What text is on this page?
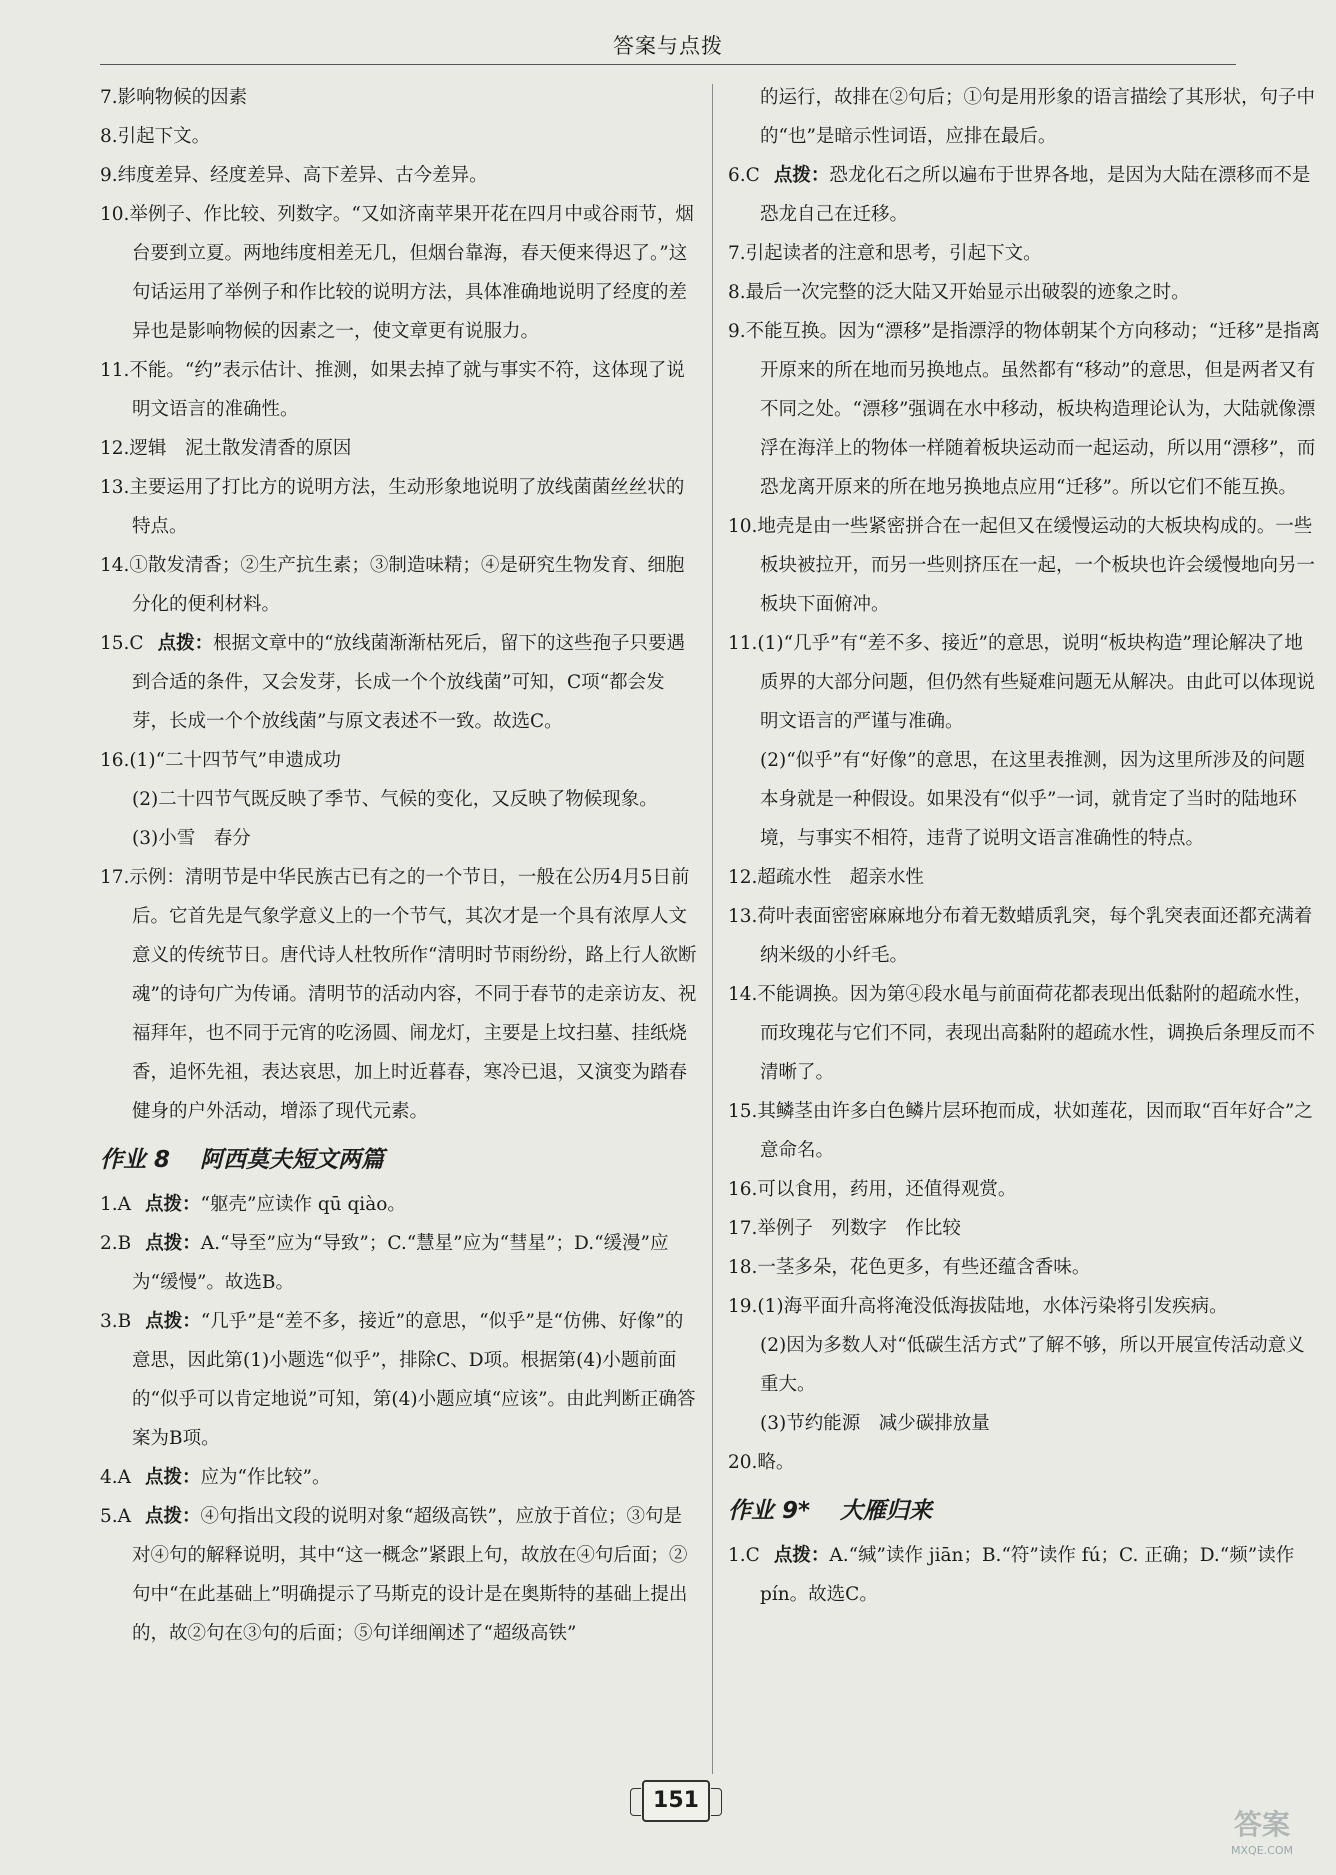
答案与点拨
7.影响物候的因素
8.引起下文。
9.纬度差异、经度差异、高下差异、古今差异。
10.举例子、作比较、列数字。“又如济南苹果开花在四月中或谷雨节，烟台要到立夏。两地纬度相差无几，但烟台靠海，春天便来得迟了。”这句话运用了举例子和作比较的说明方法，具体准确地说明了经度的差异也是影响物候的因素之一，使文章更有说服力。
11.不能。“约”表示估计、推测，如果去掉了就与事实不符，这体现了说明文语言的准确性。
12.逻辑　泥土散发清香的原因
13.主要运用了打比方的说明方法，生动形象地说明了放线菌菌丝丝状的特点。
14.①散发清香；②生产抗生素；③制造味精；④是研究生物发育、细胞分化的便利材料。
15.C 点拨：根据文章中的“放线菌渐渐枯死后，留下的这些孢子只要遇到合适的条件，又会发芽，长成一个个放线菌”可知，C项“都会发芽，长成一个个放线菌”与原文表述不一致。故选C。
16.(1)“二十四节气”申遗成功
(2)二十四节气既反映了季节、气候的变化，又反映了物候现象。
(3)小雪　春分
17.示例：清明节是中华民族古已有之的一个节日，一般在公历4月5日前后。它首先是气象学意义上的一个节气，其次才是一个具有浓厚人文意义的传统节日。唐代诗人杜牧所作“清明时节雨纷纷，路上行人欲断魂”的诗句广为传诵。清明节的活动内容，不同于春节的走亲访友、祝福拜年，也不同于元宵的吃汤圆、闹龙灯，主要是上坟扫墓、挂纸烧香，追怀先祖，表达哀思，加上时近暮春，寒冷已退，又演变为踏春健身的户外活动，增添了现代元素。
作业 8 阿西莫夫短文两篇
1.A 点拨：“躯壳”应读作 qū qiào。
2.B 点拨：A.“导至”应为“导致”；C.“慧星”应为“彗星”；D.“缓漫”应为“缓慢”。故选B。
3.B 点拨：“几乎”是“差不多，接近”的意思，“似乎”是“仿佛、好像”的意思，因此第(1)小题选“似乎”，排除C、D项。根据第(4)小题前面的“似乎可以肯定地说”可知，第(4)小题应填“应该”。由此判断正确答案为B项。
4.A 点拨：应为“作比较”。
5.A 点拨：④句指出文段的说明对象“超级高铁”，应放于首位；③句是对④句的解释说明，其中“这一概念”紧跟上句，故放在④句后面；②句中“在此基础上”明确提示了马斯克的设计是在奥斯特的基础上提出的，故②句在③句的后面；⑤句详细阐述了“超级高铁”
的运行，故排在②句后；①句是用形象的语言描绘了其形状，句子中的“也”是暗示性词语，应排在最后。
6.C 点拨：恐龙化石之所以遍布于世界各地，是因为大陆在漂移而不是恐龙自己在迁移。
7.引起读者的注意和思考，引起下文。
8.最后一次完整的泛大陆又开始显示出破裂的迹象之时。
9.不能互换。因为“漂移”是指漂浮的物体朝某个方向移动；“迁移”是指离开原来的所在地而另换地点。虽然都有“移动”的意思，但是两者又有不同之处。“漂移”强调在水中移动，板块构造理论认为，大陆就像漂浮在海洋上的物体一样随着板块运动而一起运动，所以用“漂移”，而恐龙离开原来的所在地另换地点应用“迁移”。所以它们不能互换。
10.地壳是由一些紧密拼合在一起但又在缓慢运动的大板块构成的。一些板块被拉开，而另一些则挤压在一起，一个板块也许会缓慢地向另一板块下面俯冲。
11.(1)“几乎”有“差不多、接近”的意思，说明“板块构造”理论解决了地质界的大部分问题，但仍然有些疑难问题无从解决。由此可以体现说明文语言的严谨与准确。
(2)“似乎”有“好像”的意思，在这里表推测，因为这里所涉及的问题本身就是一种假设。如果没有“似乎”一词，就肯定了当时的陆地环境，与事实不相符，违背了说明文语言准确性的特点。
12.超疏水性　超亲水性
13.荷叶表面密密麻麻地分布着无数蜡质乳突，每个乳突表面还都充满着纳米级的小纤毛。
14.不能调换。因为第④段水黾与前面荷花都表现出低黏附的超疏水性，而玫瑰花与它们不同，表现出高黏附的超疏水性，调换后条理反而不清晰了。
15.其鳞茎由许多白色鳞片层环抱而成，状如莲花，因而取“百年好合”之意命名。
16.可以食用，药用，还值得观赏。
17.举例子　列数字　作比较
18.一茎多朵，花色更多，有些还蕴含香味。
19.(1)海平面升高将淹没低海拔陆地，水体污染将引发疾病。
(2)因为多数人对“低碳生活方式”了解不够，所以开展宣传活动意义重大。
(3)节约能源　减少碳排放量
20.略。
作业 9* 大雁归来
1.C 点拨：A.“缄”读作 jiān；B.“符”读作 fú；C. 正确；D.“频”读作 pín。故选C。
151
答案
MXQE.COM
